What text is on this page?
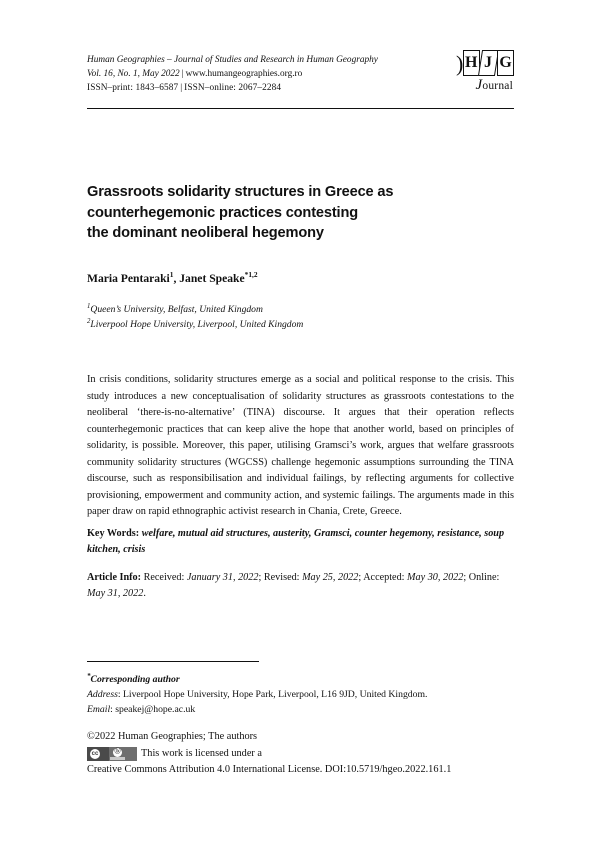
Human Geographies – Journal of Studies and Research in Human Geography
Vol. 16, No. 1, May 2022 | www.humangeographies.org.ro
ISSN–print: 1843–6587 | ISSN–online: 2067–2284
) H J G
Journal
Grassroots solidarity structures in Greece as
counterhegemonic practices contesting
the dominant neoliberal hegemony
Maria Pentaraki$^1$, Janet Speake$^{*1,2}$
$^1$Queen’s University, Belfast, United Kingdom
$^2$Liverpool Hope University, Liverpool, United Kingdom

In crisis conditions, solidarity structures emerge as a social and political response to the crisis. This study introduces a new conceptualisation of solidarity structures as grassroots contestations to the neoliberal ‘there-is-no-alternative’ (TINA) discourse. It argues that their operation reflects counterhegemonic practices that can keep alive the hope that another world, based on principles of solidarity, is possible. Moreover, this paper, utilising Gramsci’s work, argues that welfare grassroots community solidarity structures (WGCSS) challenge hegemonic assumptions surrounding the TINA discourse, such as responsibilisation and individual failings, by reflecting arguments for collective provisioning, empowerment and community action, and systemic failings. The arguments made in this paper draw on rapid ethnographic activist research in Chania, Crete, Greece.

Key Words: welfare, mutual aid structures, austerity, Gramsci, counter hegemony, resistance, soup kitchen, crisis

Article Info: Received: January 31, 2022; Revised: May 25, 2022; Accepted: May 30, 2022; Online: May 31, 2022.

*Corresponding author
Address: Liverpool Hope University, Hope Park, Liverpool, L16 9JD, United Kingdom.
Email: speakej@hope.ac.uk
©2022 Human Geographies; The authors
cc	ⓑ This work is licensed under a
Creative Commons Attribution 4.0 International License. DOI:10.5719/hgeo.2022.161.1
